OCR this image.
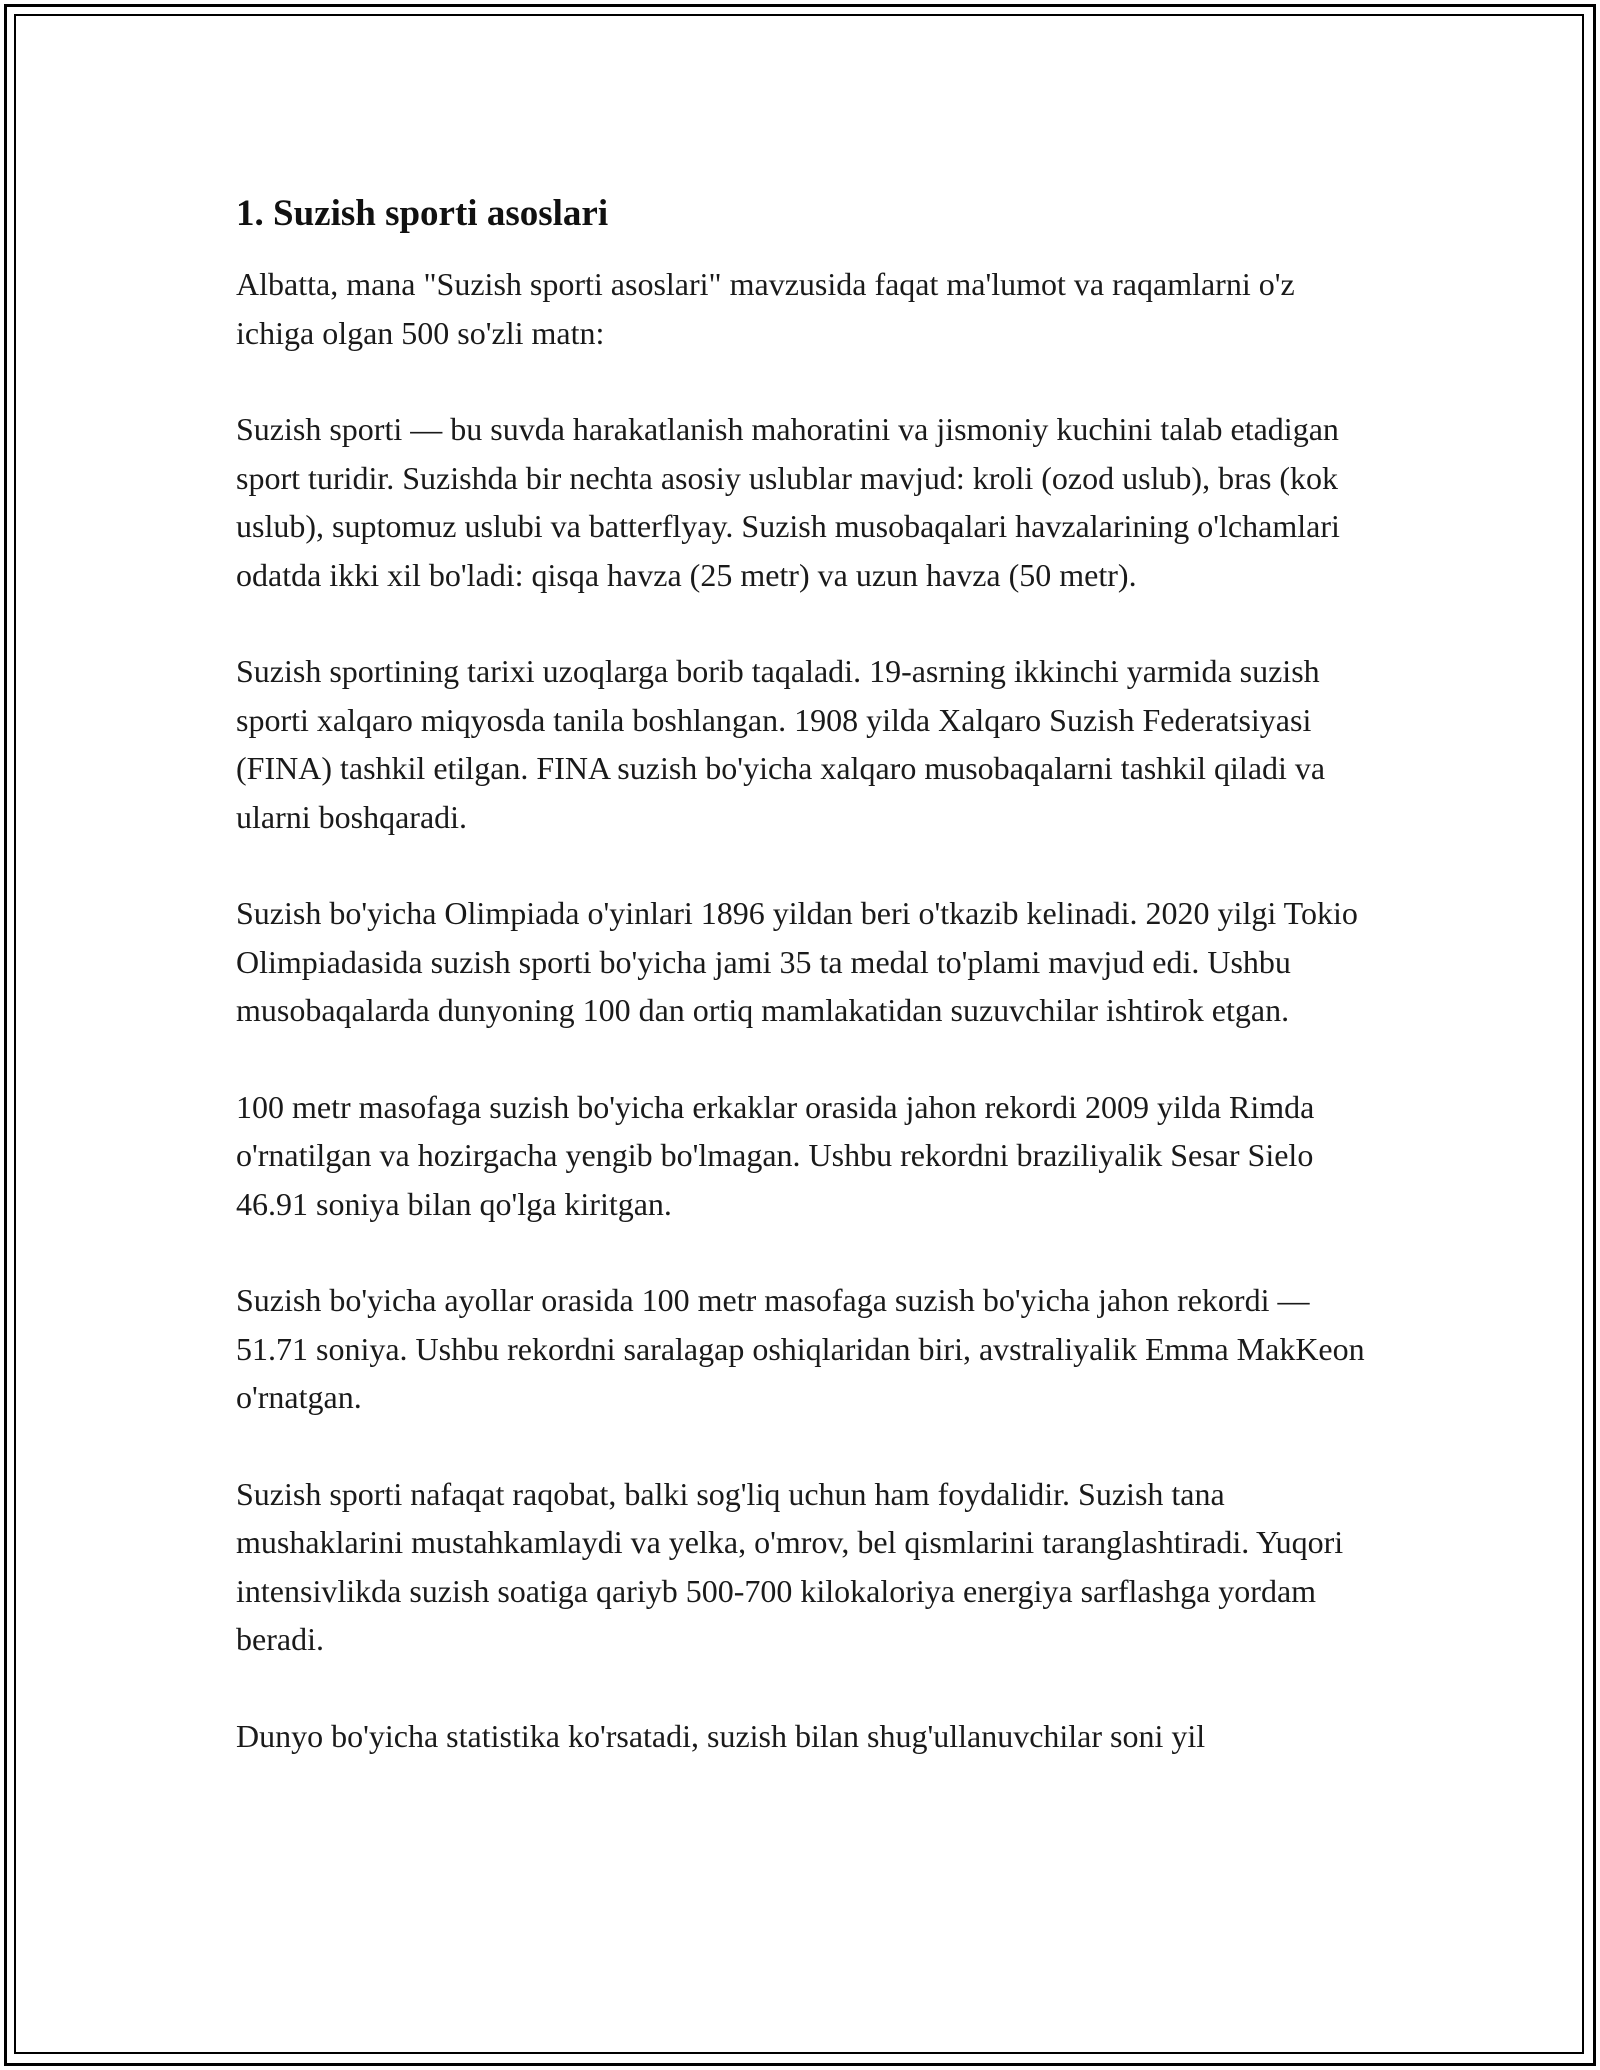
1. Suzish sporti asoslari

Albatta, mana "Suzish sporti asoslari" mavzusida faqat ma'lumot va raqamlarni o'z ichiga olgan 500 so'zli matn:

Suzish sporti — bu suvda harakatlanish mahoratini va jismoniy kuchini talab etadigan sport turidir. Suzishda bir nechta asosiy uslublar mavjud: kroli (ozod uslub), bras (kok uslub), suptomuz uslubi va batterflyay. Suzish musobaqalari havzalarining o'lchamlari odatda ikki xil bo'ladi: qisqa havza (25 metr) va uzun havza (50 metr).

Suzish sportining tarixi uzoqlarga borib taqaladi. 19-asrning ikkinchi yarmida suzish sporti xalqaro miqyosda tanila boshlangan. 1908 yilda Xalqaro Suzish Federatsiyasi (FINA) tashkil etilgan. FINA suzish bo'yicha xalqaro musobaqalarni tashkil qiladi va ularni boshqaradi.

Suzish bo'yicha Olimpiada o'yinlari 1896 yildan beri o'tkazib kelinadi. 2020 yilgi Tokio Olimpiadasida suzish sporti bo'yicha jami 35 ta medal to'plami mavjud edi. Ushbu musobaqalarda dunyoning 100 dan ortiq mamlakatidan suzuvchilar ishtirok etgan.

100 metr masofaga suzish bo'yicha erkaklar orasida jahon rekordi 2009 yilda Rimda o'rnatilgan va hozirgacha yengib bo'lmagan. Ushbu rekordni braziliyalik Sesar Sielo 46.91 soniya bilan qo'lga kiritgan.

Suzish bo'yicha ayollar orasida 100 metr masofaga suzish bo'yicha jahon rekordi — 51.71 soniya. Ushbu rekordni saralagap oshiqlaridan biri, avstraliyalik Emma MakKeon o'rnatgan.

Suzish sporti nafaqat raqobat, balki sog'liq uchun ham foydalidir. Suzish tana mushaklarini mustahkamlaydi va yelka, o'mrov, bel qismlarini taranglashtiradi. Yuqori intensivlikda suzish soatiga qariyb 500-700 kilokaloriya energiya sarflashga yordam beradi.

Dunyo bo'yicha statistika ko'rsatadi, suzish bilan shug'ullanuvchilar soni yil
